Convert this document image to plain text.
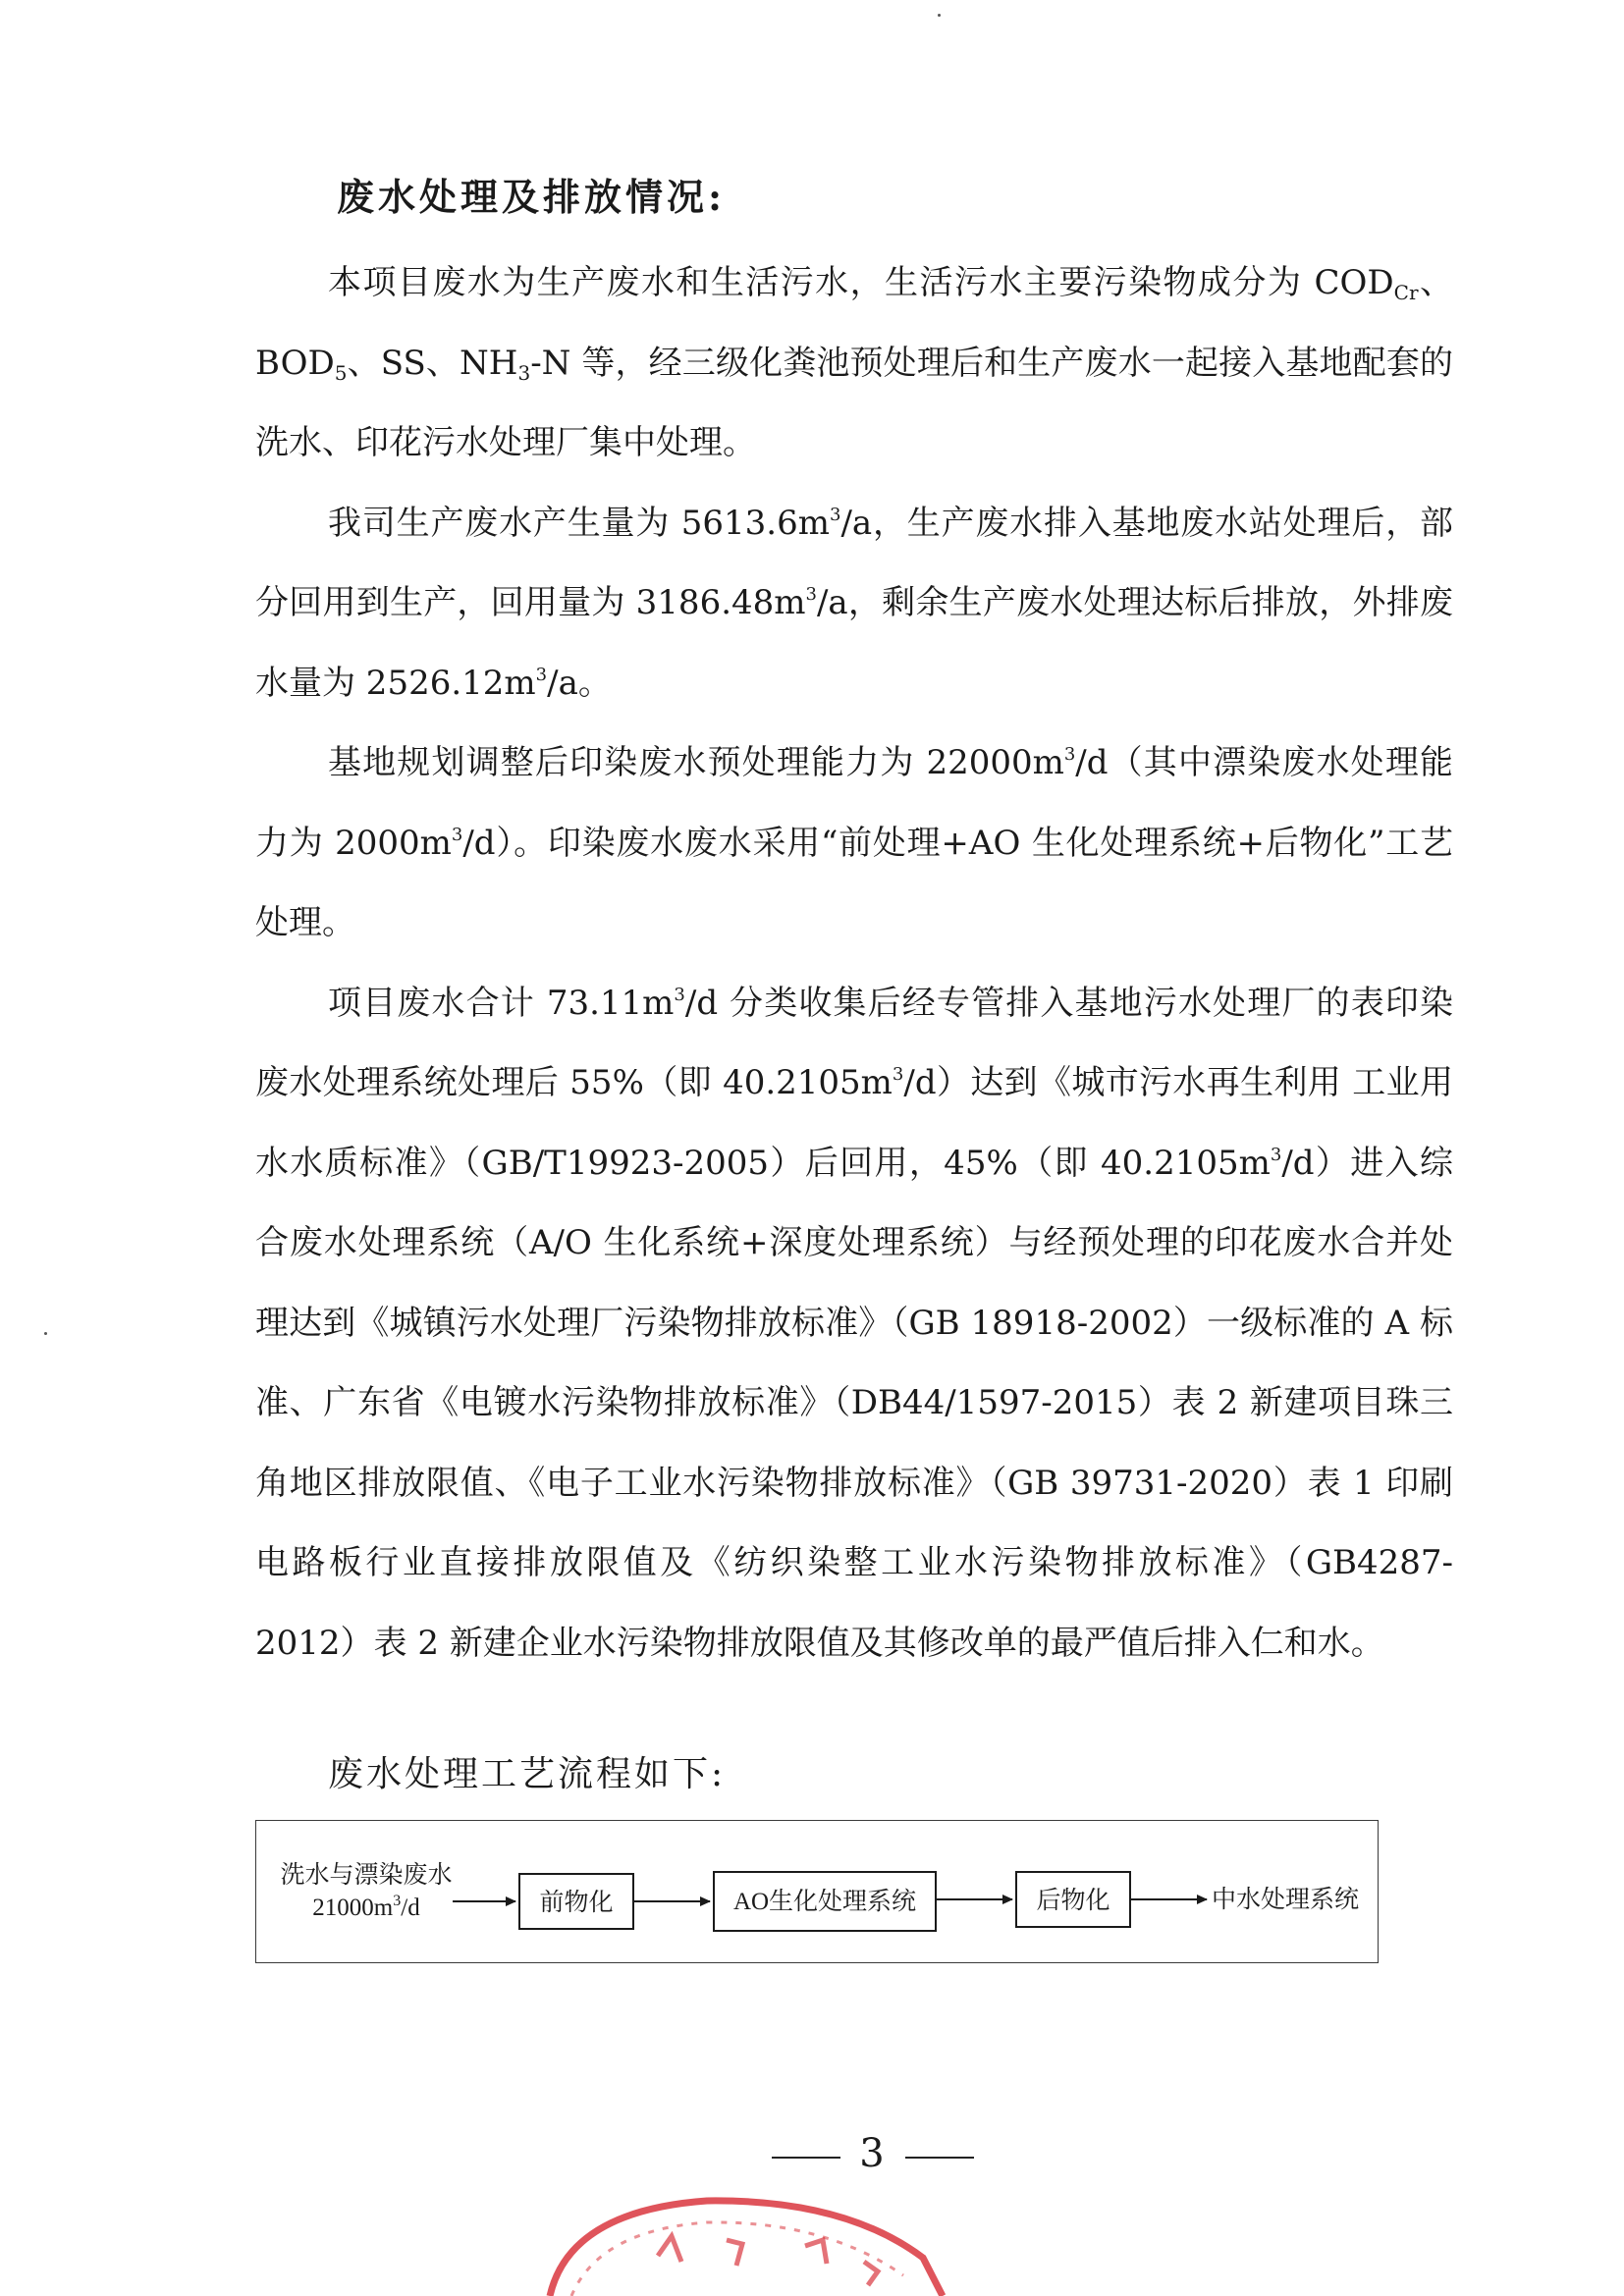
废水处理及排放情况:

本项目废水为生产废水和生活污水，生活污水主要污染物成分为 $COD_{Cr}$、$BOD_5$、SS、$NH_3-N$ 等，经三级化粪池预处理后和生产废水一起接入基地配套的洗水、印花污水处理厂集中处理。

我司生产废水产生量为 $5613.6m^3/a$，生产废水排入基地废水站处理后，部分回用到生产，回用量为 $3186.48m^3/a$，剩余生产废水处理达标后排放，外排废水量为 $2526.12m^3/a$。

基地规划调整后印染废水预处理能力为 $22000m^3/d$（其中漂染废水处理能力为 $2000m^3/d$）。印染废水废水采用“前处理+AO 生化处理系统+后物化”工艺处理。

项目废水合计 $73.11m^3/d$ 分类收集后经专管排入基地污水处理厂的表印染废水处理系统处理后 55%（即 $40.2105m^3/d$）达到《城市污水再生利用 工业用水水质标准》（GB/T19923-2005）后回用，45%（即 $40.2105m^3/d$）进入综合废水处理系统（A/O 生化系统+深度处理系统）与经预处理的印花废水合并处理达到《城镇污水处理厂污染物排放标准》（GB 18918-2002）一级标准的 A 标准、广东省《电镀水污染物排放标准》（DB44/1597-2015）表 2 新建项目珠三角地区排放限值、《电子工业水污染物排放标准》（GB 39731-2020）表 1 印刷电路板行业直接排放限值及《纺织染整工业水污染物排放标准》（GB4287-2012）表 2 新建企业水污染物排放限值及其修改单的最严值后排入仁和水。

废水处理工艺流程如下:

洗水与漂染废水
$21000m^3/d$	前物化	AO生化处理系统	后物化	中水处理系统
3
